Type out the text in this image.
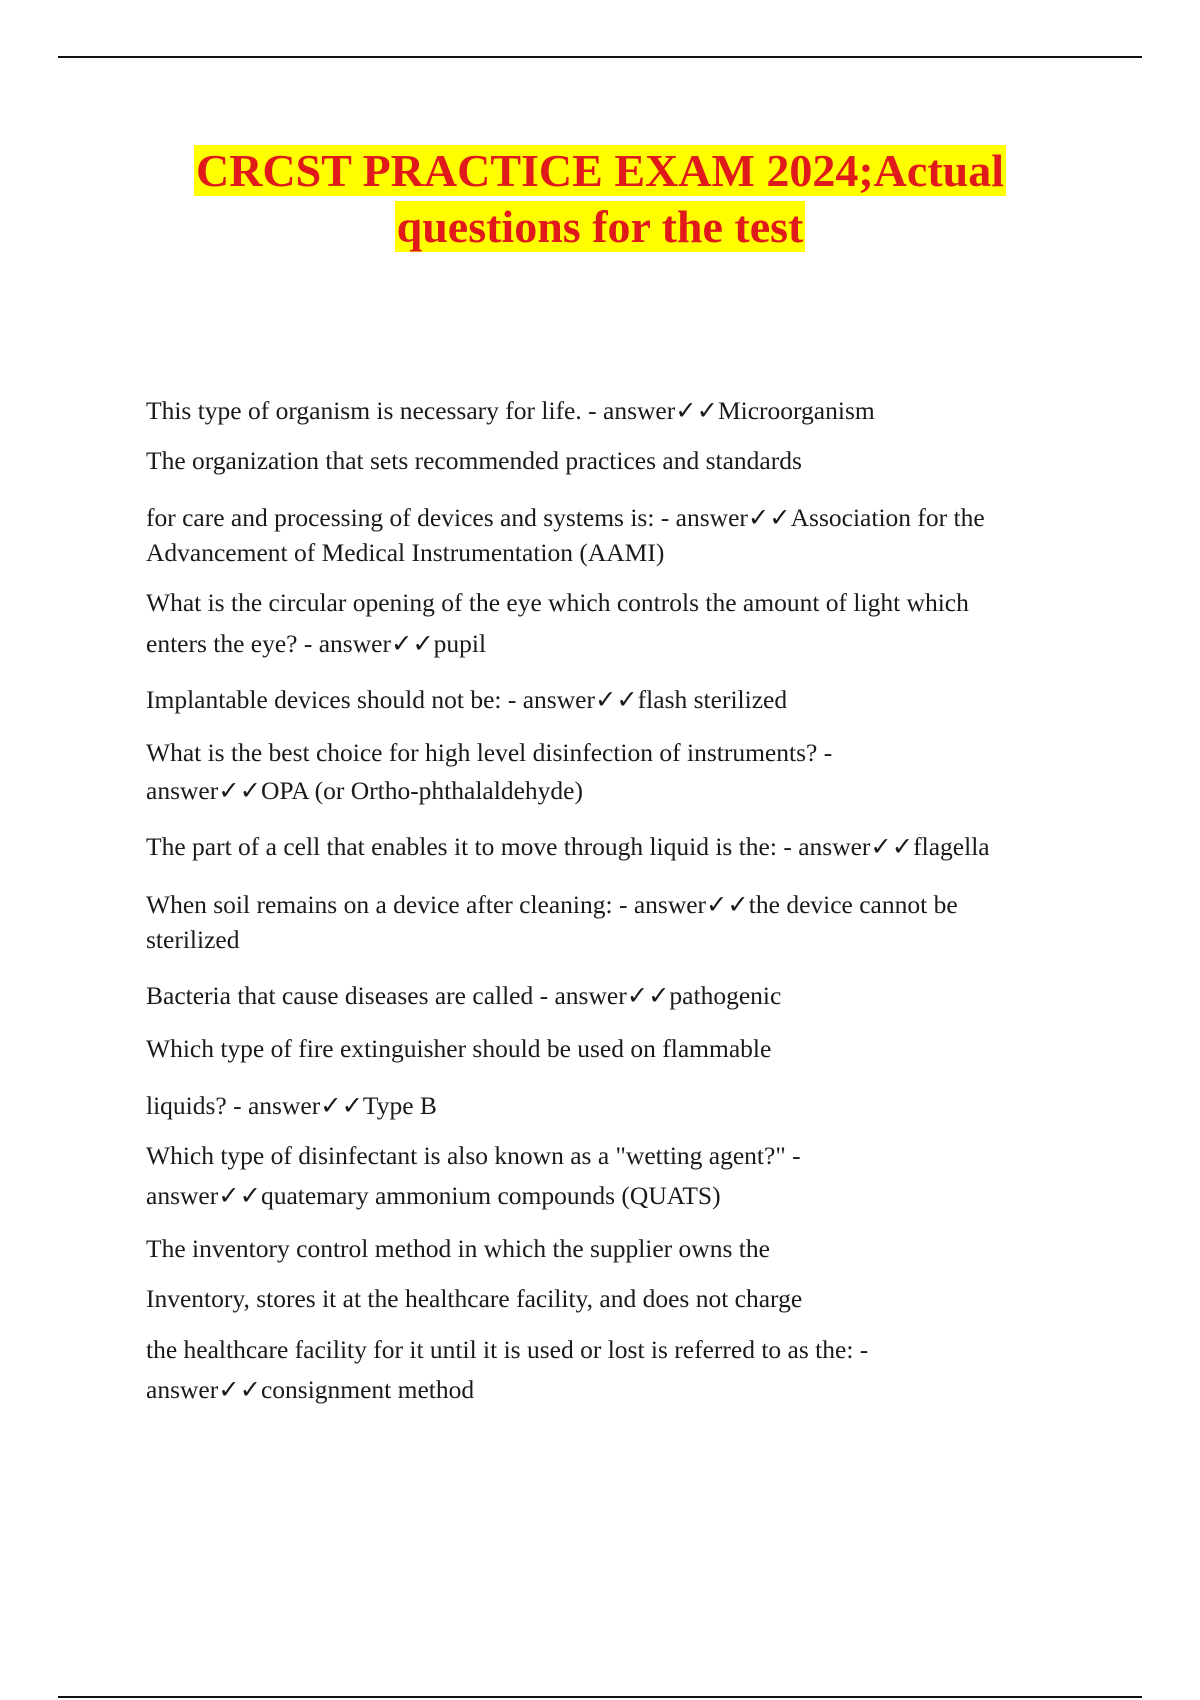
CRCST PRACTICE EXAM 2024;Actual
questions for the test
This type of organism is necessary for life. - answer✓✓Microorganism
The organization that sets recommended practices and standards
for care and processing of devices and systems is: - answer✓✓Association for the
Advancement of Medical Instrumentation (AAMI)
What is the circular opening of the eye which controls the amount of light which
enters the eye? - answer✓✓pupil
Implantable devices should not be: - answer✓✓flash sterilized
What is the best choice for high level disinfection of instruments? -
answer✓✓OPA (or Ortho-phthalaldehyde)
The part of a cell that enables it to move through liquid is the: - answer✓✓flagella
When soil remains on a device after cleaning: - answer✓✓the device cannot be
sterilized
Bacteria that cause diseases are called - answer✓✓pathogenic
Which type of fire extinguisher should be used on flammable
liquids? - answer✓✓Type B
Which type of disinfectant is also known as a "wetting agent?" -
answer✓✓quatemary ammonium compounds (QUATS)
The inventory control method in which the supplier owns the
Inventory, stores it at the healthcare facility, and does not charge
the healthcare facility for it until it is used or lost is referred to as the: -
answer✓✓consignment method
